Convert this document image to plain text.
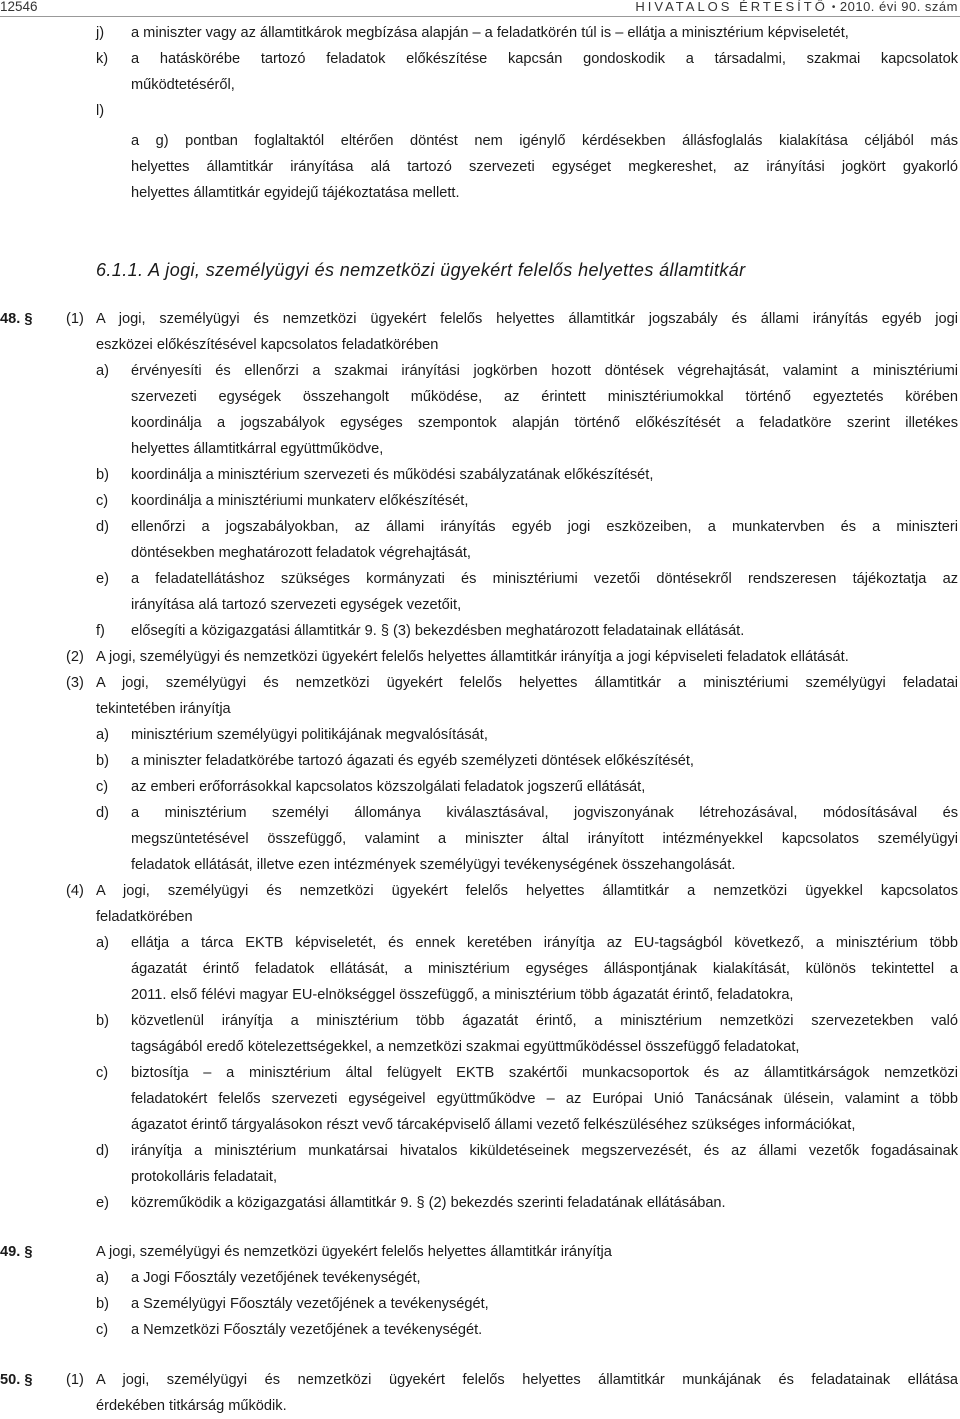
12546	HIVATALOS ÉRTESÍTŐ • 2010. évi 90. szám
j) a miniszter vagy az államtitkárok megbízása alapján – a feladatkörén túl is – ellátja a minisztérium képviseletét,
k) a hatáskörébe tartozó feladatok előkészítése kapcsán gondoskodik a társadalmi, szakmai kapcsolatok
működtetéséről,
l)
a g) pontban foglaltaktól eltérően döntést nem igénylő kérdésekben állásfoglalás kialakítása céljából más
helyettes államtitkár irányítása alá tartozó szervezeti egységet megkereshet, az irányítási jogkört gyakorló
helyettes államtitkár egyidejű tájékoztatása mellett.
48. § (1) A jogi, személyügyi és nemzetközi ügyekért felelős helyettes államtitkár jogszabály és állami irányítás egyéb jogi
eszközei előkészítésével kapcsolatos feladatkörében
a) érvényesíti és ellenőrzi a szakmai irányítási jogkörben hozott döntések végrehajtását, valamint a minisztériumi
szervezeti egységek összehangolt működése, az érintett minisztériumokkal történő egyeztetés körében
koordinálja a jogszabályok egységes szempontok alapján történő előkészítését a feladatköre szerint illetékes
helyettes államtitkárral együttműködve,
b) koordinálja a minisztérium szervezeti és működési szabályzatának előkészítését,
c) koordinálja a minisztériumi munkaterv előkészítését,
d) ellenőrzi a jogszabályokban, az állami irányítás egyéb jogi eszközeiben, a munkatervben és a miniszteri
döntésekben meghatározott feladatok végrehajtását,
e) a feladatellátáshoz szükséges kormányzati és minisztériumi vezetői döntésekről rendszeresen tájékoztatja az
irányítása alá tartozó szervezeti egységek vezetőit,
f) elősegíti a közigazgatási államtitkár 9. § (3) bekezdésben meghatározott feladatainak ellátását.
(2) A jogi, személyügyi és nemzetközi ügyekért felelős helyettes államtitkár irányítja a jogi képviseleti feladatok ellátását.
(3) A jogi, személyügyi és nemzetközi ügyekért felelős helyettes államtitkár a minisztériumi személyügyi feladatai
tekintetében irányítja
a) minisztérium személyügyi politikájának megvalósítását,
b) a miniszter feladatkörébe tartozó ágazati és egyéb személyzeti döntések előkészítését,
c) az emberi erőforrásokkal kapcsolatos közszolgálati feladatok jogszerű ellátását,
d) a minisztérium személyi állománya kiválasztásával, jogviszonyának létrehozásával, módosításával és
megszüntetésével összefüggő, valamint a miniszter által irányított intézményekkel kapcsolatos személyügyi
feladatok ellátását, illetve ezen intézmények személyügyi tevékenységének összehangolását.
(4) A jogi, személyügyi és nemzetközi ügyekért felelős helyettes államtitkár a nemzetközi ügyekkel kapcsolatos
feladatkörében
a) ellátja a tárca EKTB képviseletét, és ennek keretében irányítja az EU-tagságból következő, a minisztérium több
ágazatát érintő feladatok ellátását, a minisztérium egységes álláspontjának kialakítását, különös tekintettel a
2011. első félévi magyar EU-elnökséggel összefüggő, a minisztérium több ágazatát érintő, feladatokra,
b) közvetlenül irányítja a minisztérium több ágazatát érintő, a minisztérium nemzetközi szervezetekben való
tagságából eredő kötelezettségekkel, a nemzetközi szakmai együttműködéssel összefüggő feladatokat,
c) biztosítja – a minisztérium által felügyelt EKTB szakértői munkacsoportok és az államtitkárságok nemzetközi
feladatokért felelős szervezeti egységeivel együttműködve – az Európai Unió Tanácsának ülésein, valamint a több
ágazatot érintő tárgyalásokon részt vevő tárcaképviselő állami vezető felkészüléséhez szükséges információkat,
d) irányítja a minisztérium munkatársai hivatalos kiküldetéseinek megszervezését, és az állami vezetők fogadásainak
protokolláris feladatait,
e) közreműködik a közigazgatási államtitkár 9. § (2) bekezdés szerinti feladatának ellátásában.
49. §	A jogi, személyügyi és nemzetközi ügyekért felelős helyettes államtitkár irányítja
a) a Jogi Főosztály vezetőjének tevékenységét,
b) a Személyügyi Főosztály vezetőjének a tevékenységét,
c) a Nemzetközi Főosztály vezetőjének a tevékenységét.
50. § (1) A jogi, személyügyi és nemzetközi ügyekért felelős helyettes államtitkár munkájának és feladatainak ellátása
érdekében titkárság működik.
6.1.1. A jogi, személyügyi és nemzetközi ügyekért felelős helyettes államtitkár
